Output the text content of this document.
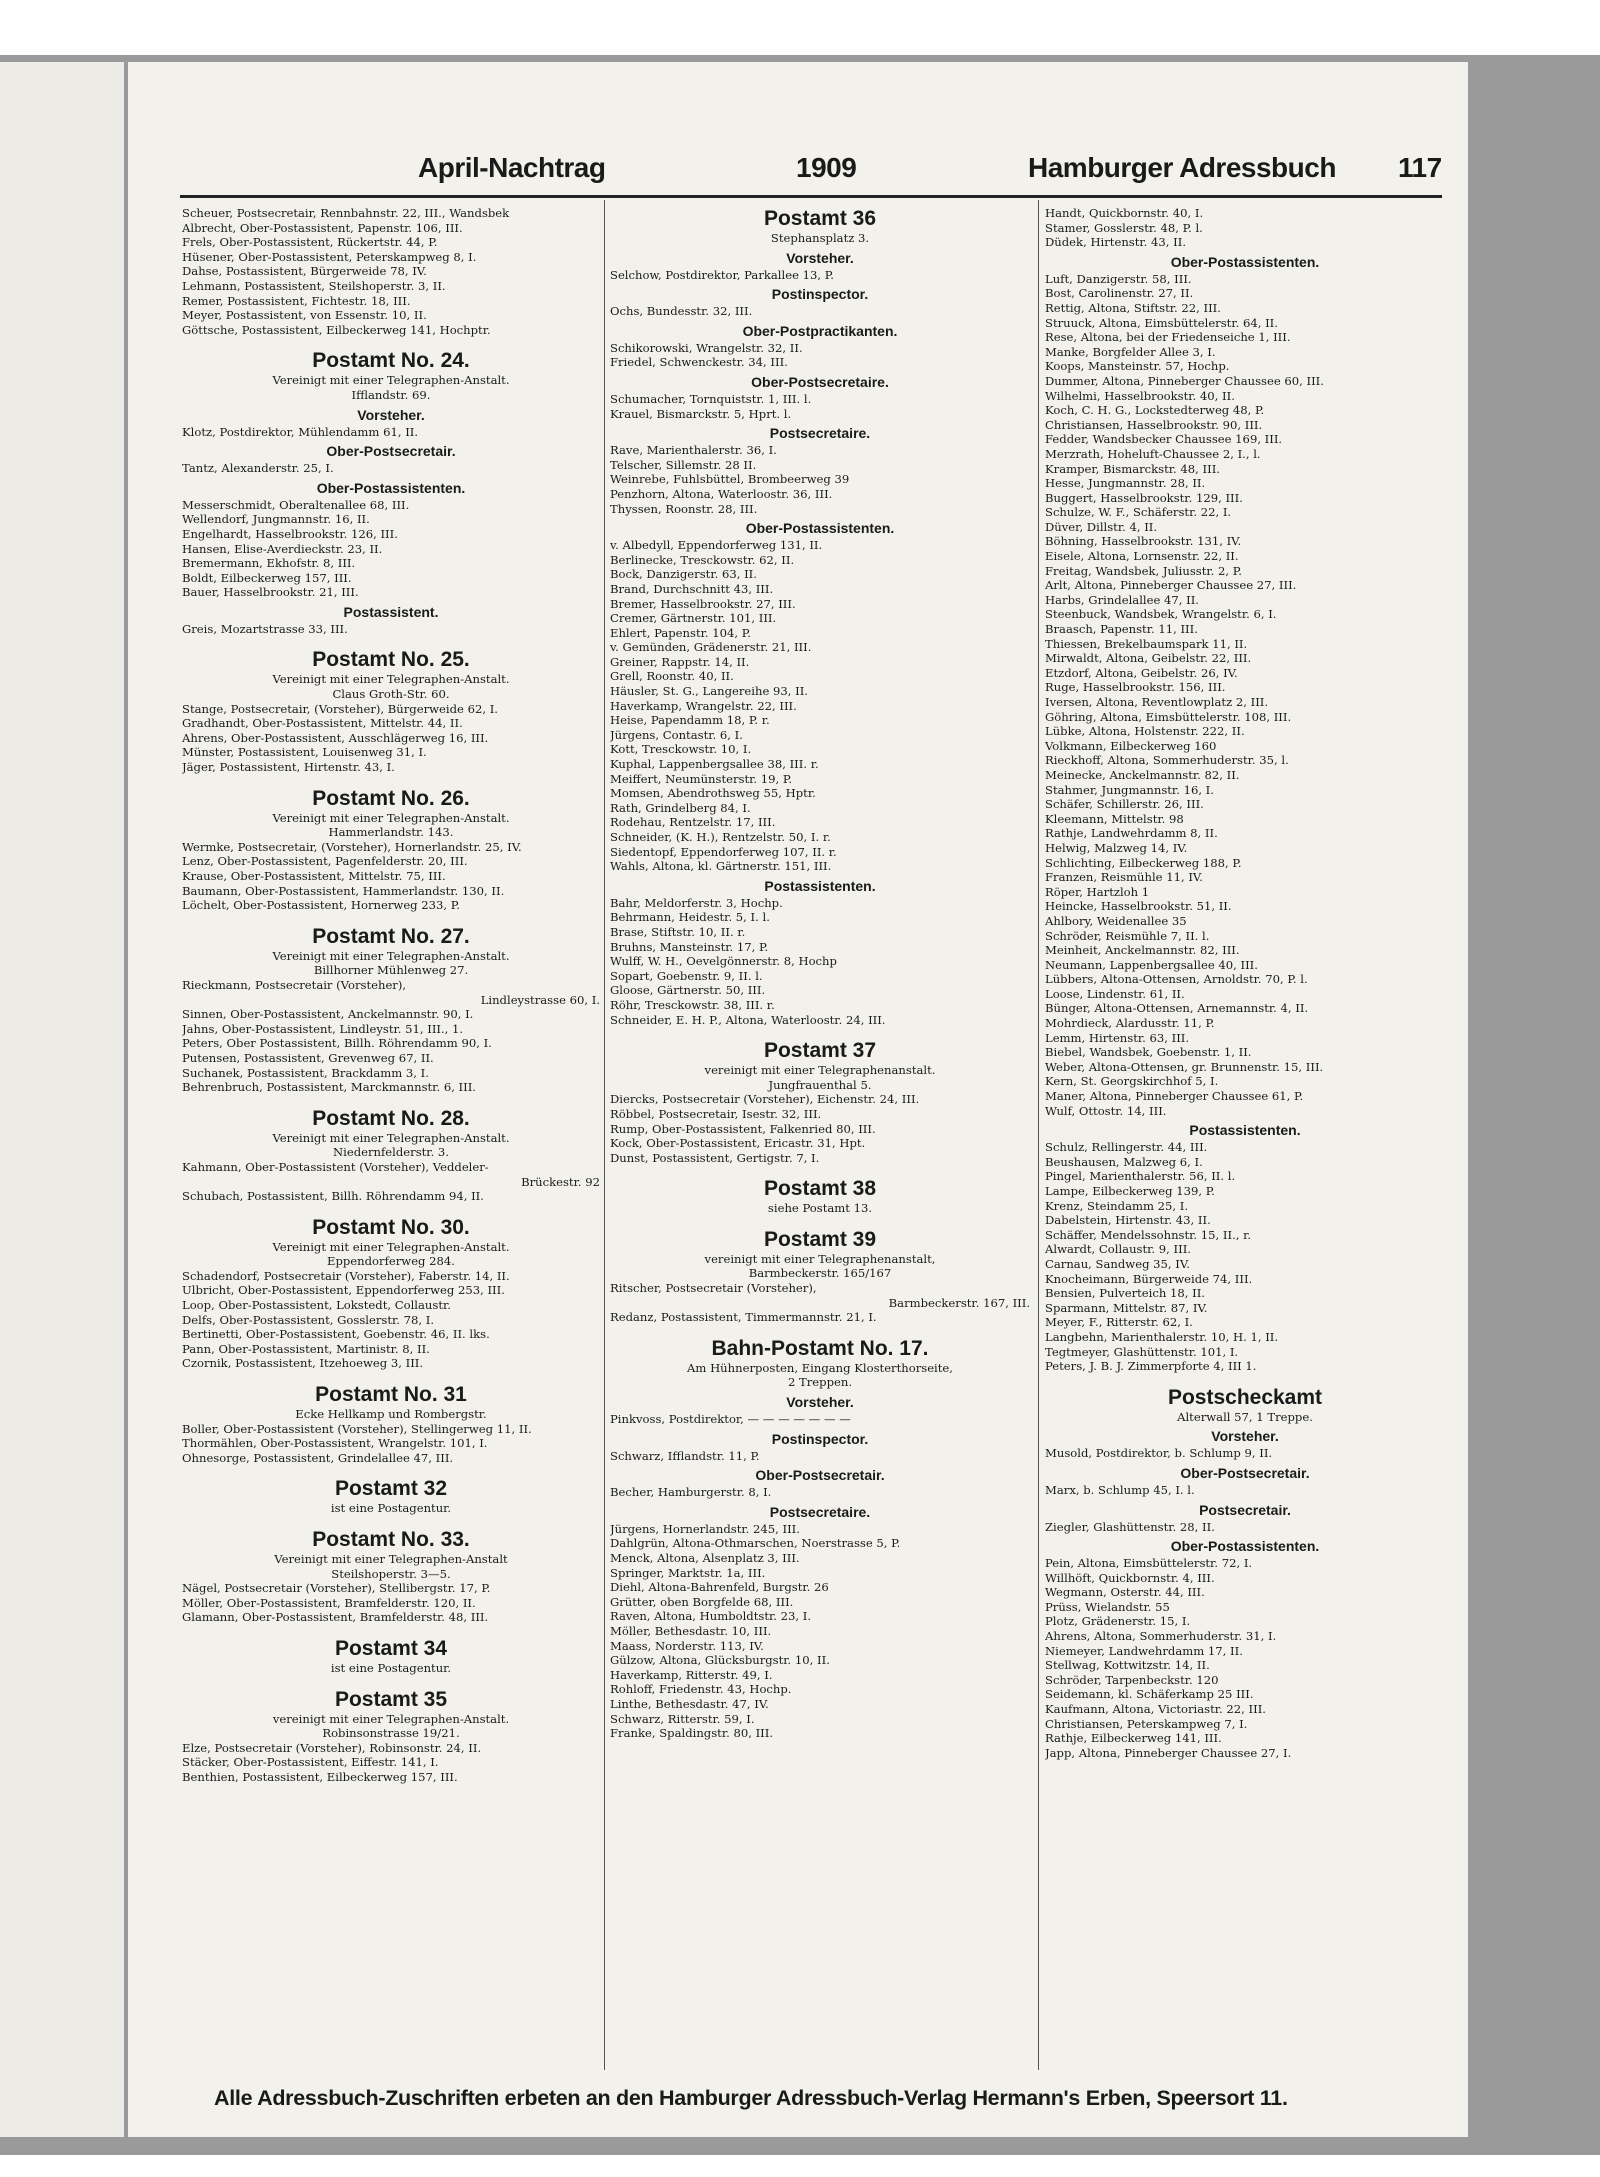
April-Nachtrag	1909	Hamburger Adressbuch 117
Scheuer, Postsecretair, Rennbahnstr. 22, III., Wandsbek
Albrecht, Ober-Postassistent, Papenstr. 106, III.
Frels, Ober-Postassistent, Rückertstr. 44, P.
Hüsener, Ober-Postassistent, Peterskampweg 8, I.
Dahse, Postassistent, Bürgerweide 78, IV.
Lehmann, Postassistent, Steilshoperstr. 3, II.
Remer, Postassistent, Fichtestr. 18, III.
Meyer, Postassistent, von Essenstr. 10, II.
Göttsche, Postassistent, Eilbeckerweg 141, Hochptr.
Postamt No. 24.
Vereinigt mit einer Telegraphen-Anstalt.
Ifflandstr. 69.
Vorsteher.
Klotz, Postdirektor, Mühlendamm 61, II.
Ober-Postsecretair.
Tantz, Alexanderstr. 25, I.
Ober-Postassistenten.
Messerschmidt, Oberaltenallee 68, III.
Wellendorf, Jungmannstr. 16, II.
Engelhardt, Hasselbrookstr. 126, III.
Hansen, Elise-Averdieckstr. 23, II.
Bremermann, Ekhofstr. 8, III.
Boldt, Eilbeckerweg 157, III.
Bauer, Hasselbrookstr. 21, III.
Postassistent.
Greis, Mozartstrasse 33, III.
Postamt No. 25.
Vereinigt mit einer Telegraphen-Anstalt.
Claus Groth-Str. 60.
Stange, Postsecretair, (Vorsteher), Bürgerweide 62, I.
Gradhandt, Ober-Postassistent, Mittelstr. 44, II.
Ahrens, Ober-Postassistent, Ausschlägerweg 16, III.
Münster, Postassistent, Louisenweg 31, I.
Jäger, Postassistent, Hirtenstr. 43, I.
Postamt No. 26.
Vereinigt mit einer Telegraphen-Anstalt.
Hammerlandstr. 143.
Wermke, Postsecretair, (Vorsteher), Hornerlandstr. 25, IV.
Lenz, Ober-Postassistent, Pagenfelderstr. 20, III.
Krause, Ober-Postassistent, Mittelstr. 75, III.
Baumann, Ober-Postassistent, Hammerlandstr. 130, II.
Löchelt, Ober-Postassistent, Hornerweg 233, P.
Postamt No. 27.
Vereinigt mit einer Telegraphen-Anstalt.
Billhorner Mühlenweg 27.
Rieckmann, Postsecretair (Vorsteher),
Lindleystrasse 60, I.
Sinnen, Ober-Postassistent, Anckelmannstr. 90, I.
Jahns, Ober-Postassistent, Lindleystr. 51, III., 1.
Peters, Ober Postassistent, Billh. Röhrendamm 90, I.
Putensen, Postassistent, Grevenweg 67, II.
Suchanek, Postassistent, Brackdamm 3, I.
Behrenbruch, Postassistent, Marckmannstr. 6, III.
Postamt No. 28.
Vereinigt mit einer Telegraphen-Anstalt.
Niedernfelderstr. 3.
Kahmann, Ober-Postassistent (Vorsteher), Veddeler-
Brückestr. 92
Schubach, Postassistent, Billh. Röhrendamm 94, II.
Postamt No. 30.
Vereinigt mit einer Telegraphen-Anstalt.
Eppendorferweg 284.
Schadendorf, Postsecretair (Vorsteher), Faberstr. 14, II.
Ulbricht, Ober-Postassistent, Eppendorferweg 253, III.
Loop, Ober-Postassistent, Lokstedt, Collaustr.
Delfs, Ober-Postassistent, Gosslerstr. 78, I.
Bertinetti, Ober-Postassistent, Goebenstr. 46, II. lks.
Pann, Ober-Postassistent, Martinistr. 8, II.
Czornik, Postassistent, Itzehoeweg 3, III.
Postamt No. 31
Ecke Hellkamp und Rombergstr.
Boller, Ober-Postassistent (Vorsteher), Stellingerweg 11, II.
Thormählen, Ober-Postassistent, Wrangelstr. 101, I.
Ohnesorge, Postassistent, Grindelallee 47, III.
Postamt 32
ist eine Postagentur.
Postamt No. 33.
Vereinigt mit einer Telegraphen-Anstalt
Steilshoperstr. 3—5.
Nägel, Postsecretair (Vorsteher), Stellibergstr. 17, P.
Möller, Ober-Postassistent, Bramfelderstr. 120, II.
Glamann, Ober-Postassistent, Bramfelderstr. 48, III.
Postamt 34
ist eine Postagentur.
Postamt 35
vereinigt mit einer Telegraphen-Anstalt.
Robinsonstrasse 19/21.
Elze, Postsecretair (Vorsteher), Robinsonstr. 24, II.
Stäcker, Ober-Postassistent, Eiffestr. 141, I.
Benthien, Postassistent, Eilbeckerweg 157, III.
Postamt 36
Stephansplatz 3.
Vorsteher.
Selchow, Postdirektor, Parkallee 13, P.
Postinspector.
Ochs, Bundesstr. 32, III.
Ober-Postpractikanten.
Schikorowski, Wrangelstr. 32, II.
Friedel, Schwenckestr. 34, III.
Ober-Postsecretaire.
Schumacher, Tornquiststr. 1, III. l.
Krauel, Bismarckstr. 5, Hprt. l.
Postsecretaire.
Rave, Marienthalerstr. 36, I.
Telscher, Sillemstr. 28 II.
Weinrebe, Fuhlsbüttel, Brombeerweg 39
Penzhorn, Altona, Waterloostr. 36, III.
Thyssen, Roonstr. 28, III.
Ober-Postassistenten.
v. Albedyll, Eppendorferweg 131, II.
Berlinecke, Tresckowstr. 62, II.
Bock, Danzigerstr. 63, II.
Brand, Durchschnitt 43, III.
Bremer, Hasselbrookstr. 27, III.
Cremer, Gärtnerstr. 101, III.
Ehlert, Papenstr. 104, P.
v. Gemünden, Grädenerstr. 21, III.
Greiner, Rappstr. 14, II.
Grell, Roonstr. 40, II.
Häusler, St. G., Langereihe 93, II.
Haverkamp, Wrangelstr. 22, III.
Heise, Papendamm 18, P. r.
Jürgens, Contastr. 6, I.
Kott, Tresckowstr. 10, I.
Kuphal, Lappenbergsallee 38, III. r.
Meiffert, Neumünsterstr. 19, P.
Momsen, Abendrothsweg 55, Hptr.
Rath, Grindelberg 84, I.
Rodehau, Rentzelstr. 17, III.
Schneider, (K. H.), Rentzelstr. 50, I. r.
Siedentopf, Eppendorferweg 107, II. r.
Wahls, Altona, kl. Gärtnerstr. 151, III.
Postassistenten.
Bahr, Meldorferstr. 3, Hochp.
Behrmann, Heidestr. 5, I. l.
Brase, Stiftstr. 10, II. r.
Bruhns, Mansteinstr. 17, P.
Wulff, W. H., Oevelgönnerstr. 8, Hochp
Sopart, Goebenstr. 9, II. l.
Gloose, Gärtnerstr. 50, III.
Röhr, Tresckowstr. 38, III. r.
Schneider, E. H. P., Altona, Waterloostr. 24, III.
Postamt 37
vereinigt mit einer Telegraphenanstalt.
Jungfrauenthal 5.
Diercks, Postsecretair (Vorsteher), Eichenstr. 24, III.
Röbbel, Postsecretair, Isestr. 32, III.
Rump, Ober-Postassistent, Falkenried 80, III.
Kock, Ober-Postassistent, Ericastr. 31, Hpt.
Dunst, Postassistent, Gertigstr. 7, I.
Postamt 38
siehe Postamt 13.
Postamt 39
vereinigt mit einer Telegraphenanstalt,
Barmbeckerstr. 165/167
Ritscher, Postsecretair (Vorsteher),
Barmbeckerstr. 167, III.
Redanz, Postassistent, Timmermannstr. 21, I.
Bahn-Postamt No. 17.
Am Hühnerposten, Eingang Klosterthorseite,
2 Treppen.
Vorsteher.
Pinkvoss, Postdirektor, — — — — — — —
Postinspector.
Schwarz, Ifflandstr. 11, P.
Ober-Postsecretair.
Becher, Hamburgerstr. 8, I.
Postsecretaire.
Jürgens, Hornerlandstr. 245, III.
Dahlgrün, Altona-Othmarschen, Noerstrasse 5, P.
Menck, Altona, Alsenplatz 3, III.
Springer, Marktstr. 1a, III.
Diehl, Altona-Bahrenfeld, Burgstr. 26
Grütter, oben Borgfelde 68, III.
Raven, Altona, Humboldtstr. 23, I.
Möller, Bethesdastr. 10, III.
Maass, Norderstr. 113, IV.
Gülzow, Altona, Glücksburgstr. 10, II.
Haverkamp, Ritterstr. 49, I.
Rohloff, Friedenstr. 43, Hochp.
Linthe, Bethesdastr. 47, IV.
Schwarz, Ritterstr. 59, I.
Franke, Spaldingstr. 80, III.
Handt, Quickbornstr. 40, I.
Stamer, Gosslerstr. 48, P. l.
Düdek, Hirtenstr. 43, II.
Ober-Postassistenten.
Luft, Danzigerstr. 58, III.
Bost, Carolinenstr. 27, II.
Rettig, Altona, Stiftstr. 22, III.
Struuck, Altona, Eimsbüttelerstr. 64, II.
Rese, Altona, bei der Friedenseiche 1, III.
Manke, Borgfelder Allee 3, I.
Koops, Mansteinstr. 57, Hochp.
Dummer, Altona, Pinneberger Chaussee 60, III.
Wilhelmi, Hasselbrookstr. 40, II.
Koch, C. H. G., Lockstedterweg 48, P.
Christiansen, Hasselbrookstr. 90, III.
Fedder, Wandsbecker Chaussee 169, III.
Merzrath, Hoheluft-Chaussee 2, I., l.
Kramper, Bismarckstr. 48, III.
Hesse, Jungmannstr. 28, II.
Buggert, Hasselbrookstr. 129, III.
Schulze, W. F., Schäferstr. 22, I.
Düver, Dillstr. 4, II.
Böhning, Hasselbrookstr. 131, IV.
Eisele, Altona, Lornsenstr. 22, II.
Freitag, Wandsbek, Juliusstr. 2, P.
Arlt, Altona, Pinneberger Chaussee 27, III.
Harbs, Grindelallee 47, II.
Steenbuck, Wandsbek, Wrangelstr. 6, I.
Braasch, Papenstr. 11, III.
Thiessen, Brekelbaumspark 11, II.
Mirwaldt, Altona, Geibelstr. 22, III.
Etzdorf, Altona, Geibelstr. 26, IV.
Ruge, Hasselbrookstr. 156, III.
Iversen, Altona, Reventlowplatz 2, III.
Göhring, Altona, Eimsbüttelerstr. 108, III.
Lübke, Altona, Holstenstr. 222, II.
Volkmann, Eilbeckerweg 160
Rieckhoff, Altona, Sommerhuderstr. 35, l.
Meinecke, Anckelmannstr. 82, II.
Stahmer, Jungmannstr. 16, I.
Schäfer, Schillerstr. 26, III.
Kleemann, Mittelstr. 98
Rathje, Landwehrdamm 8, II.
Helwig, Malzweg 14, IV.
Schlichting, Eilbeckerweg 188, P.
Franzen, Reismühle 11, IV.
Röper, Hartzloh 1
Heincke, Hasselbrookstr. 51, II.
Ahlbory, Weidenallee 35
Schröder, Reismühle 7, II. l.
Meinheit, Anckelmannstr. 82, III.
Neumann, Lappenbergsallee 40, III.
Lübbers, Altona-Ottensen, Arnoldstr. 70, P. l.
Loose, Lindenstr. 61, II.
Bünger, Altona-Ottensen, Arnemannstr. 4, II.
Mohrdieck, Alardusstr. 11, P.
Lemm, Hirtenstr. 63, III.
Biebel, Wandsbek, Goebenstr. 1, II.
Weber, Altona-Ottensen, gr. Brunnenstr. 15, III.
Kern, St. Georgskirchhof 5, I.
Maner, Altona, Pinneberger Chaussee 61, P.
Wulf, Ottostr. 14, III.
Postassistenten.
Schulz, Rellingerstr. 44, III.
Beushausen, Malzweg 6, I.
Pingel, Marienthalerstr. 56, II. l.
Lampe, Eilbeckerweg 139, P.
Krenz, Steindamm 25, I.
Dabelstein, Hirtenstr. 43, II.
Schäffer, Mendelssohnstr. 15, II., r.
Alwardt, Collaustr. 9, III.
Carnau, Sandweg 35, IV.
Knocheimann, Bürgerweide 74, III.
Bensien, Pulverteich 18, II.
Sparmann, Mittelstr. 87, IV.
Meyer, F., Ritterstr. 62, I.
Langbehn, Marienthalerstr. 10, H. 1, II.
Tegtmeyer, Glashüttenstr. 101, I.
Peters, J. B. J. Zimmerpforte 4, III 1.
Postscheckamt
Alterwall 57, 1 Treppe.
Vorsteher.
Musold, Postdirektor, b. Schlump 9, II.
Ober-Postsecretair.
Marx, b. Schlump 45, I. l.
Postsecretair.
Ziegler, Glashüttenstr. 28, II.
Ober-Postassistenten.
Pein, Altona, Eimsbüttelerstr. 72, I.
Willhöft, Quickbornstr. 4, III.
Wegmann, Osterstr. 44, III.
Prüss, Wielandstr. 55
Plotz, Grädenerstr. 15, I.
Ahrens, Altona, Sommerhuderstr. 31, I.
Niemeyer, Landwehrdamm 17, II.
Stellwag, Kottwitzstr. 14, II.
Schröder, Tarpenbeckstr. 120
Seidemann, kl. Schäferkamp 25 III.
Kaufmann, Altona, Victoriastr. 22, III.
Christiansen, Peterskampweg 7, I.
Rathje, Eilbeckerweg 141, III.
Japp, Altona, Pinneberger Chaussee 27, I.
Alle Adressbuch-Zuschriften erbeten an den Hamburger Adressbuch-Verlag Hermann's Erben, Speersort 11.
